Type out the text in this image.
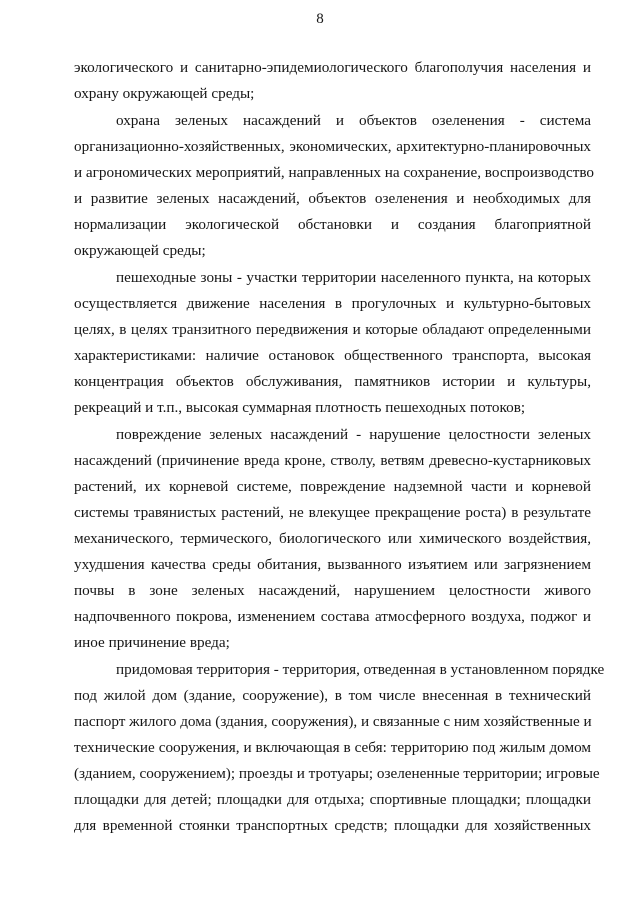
8
экологического и санитарно-эпидемиологического благополучия населения и
охрану окружающей среды;
охрана зеленых насаждений и объектов озеленения - система
организационно-хозяйственных, экономических, архитектурно-планировочных
и агрономических мероприятий, направленных на сохранение, воспроизводство
и развитие зеленых насаждений, объектов озеленения и необходимых для
нормализации экологической обстановки и создания благоприятной
окружающей среды;
пешеходные зоны - участки территории населенного пункта, на которых
осуществляется движение населения в прогулочных и культурно-бытовых
целях, в целях транзитного передвижения и которые обладают определенными
характеристиками: наличие остановок общественного транспорта, высокая
концентрация объектов обслуживания, памятников истории и культуры,
рекреаций и т.п., высокая суммарная плотность пешеходных потоков;
повреждение зеленых насаждений - нарушение целостности зеленых
насаждений (причинение вреда кроне, стволу, ветвям древесно-кустарниковых
растений, их корневой системе, повреждение надземной части и корневой
системы травянистых растений, не влекущее прекращение роста) в результате
механического, термического, биологического или химического воздействия,
ухудшения качества среды обитания, вызванного изъятием или загрязнением
почвы в зоне зеленых насаждений, нарушением целостности живого
надпочвенного покрова, изменением состава атмосферного воздуха, поджог и
иное причинение вреда;
придомовая территория - территория, отведенная в установленном порядке
под жилой дом (здание, сооружение), в том числе внесенная в технический
паспорт жилого дома (здания, сооружения), и связанные с ним хозяйственные и
технические сооружения, и включающая в себя: территорию под жилым домом
(зданием, сооружением); проезды и тротуары; озелененные территории; игровые
площадки для детей; площадки для отдыха; спортивные площадки; площадки
для временной стоянки транспортных средств; площадки для хозяйственных
